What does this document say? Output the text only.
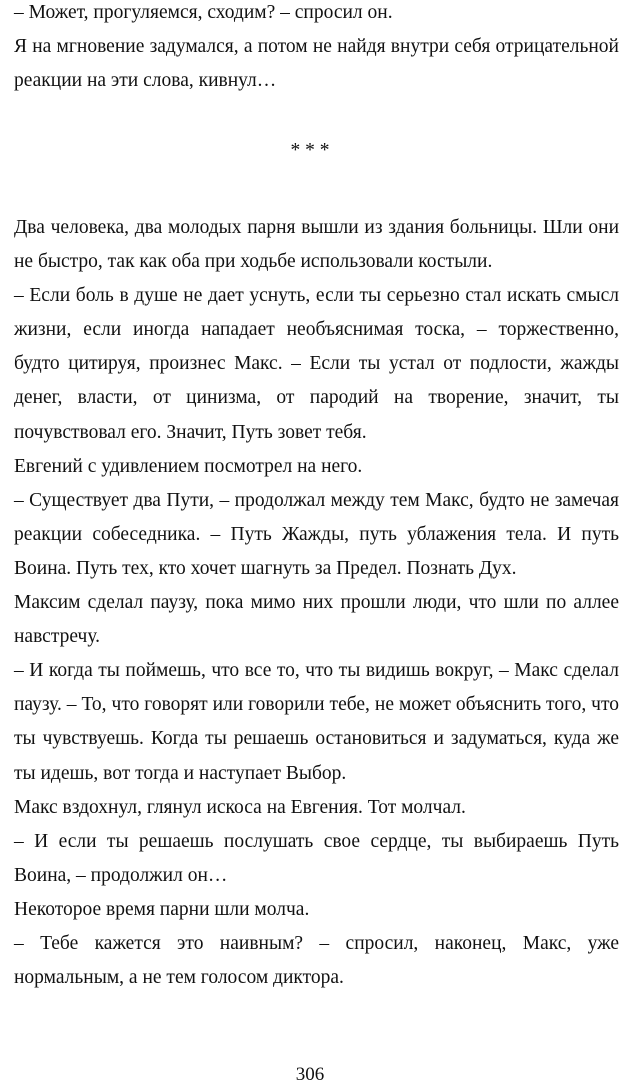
– Может, прогуляемся, сходим? – спросил он.

Я на мгновение задумался, а потом не найдя внутри себя отрицательной реакции на эти слова, кивнул…

* * *

Два человека, два молодых парня вышли из здания больницы. Шли они не быстро, так как оба при ходьбе использовали костыли.

– Если боль в душе не дает уснуть, если ты серьезно стал искать смысл жизни, если иногда нападает необъяснимая тоска, – торжественно, будто цитируя, произнес Макс. – Если ты устал от подлости, жажды денег, власти, от цинизма, от пародий на творение, значит, ты почувствовал его. Значит, Путь зовет тебя.

Евгений с удивлением посмотрел на него.

– Существует два Пути, – продолжал между тем Макс, будто не замечая реакции собеседника. – Путь Жажды, путь ублажения тела. И путь Воина. Путь тех, кто хочет шагнуть за Предел. Познать Дух.

Максим сделал паузу, пока мимо них прошли люди, что шли по аллее навстречу.

– И когда ты поймешь, что все то, что ты видишь вокруг, – Макс сделал паузу. – То, что говорят или говорили тебе, не может объяснить того, что ты чувствуешь. Когда ты решаешь остановиться и задуматься, куда же ты идешь, вот тогда и наступает Выбор.

Макс вздохнул, глянул искоса на Евгения. Тот молчал.

– И если ты решаешь послушать свое сердце, ты выбираешь Путь Воина, – продолжил он…

Некоторое время парни шли молча.

– Тебе кажется это наивным? – спросил, наконец, Макс, уже нормальным, а не тем голосом диктора.

306
